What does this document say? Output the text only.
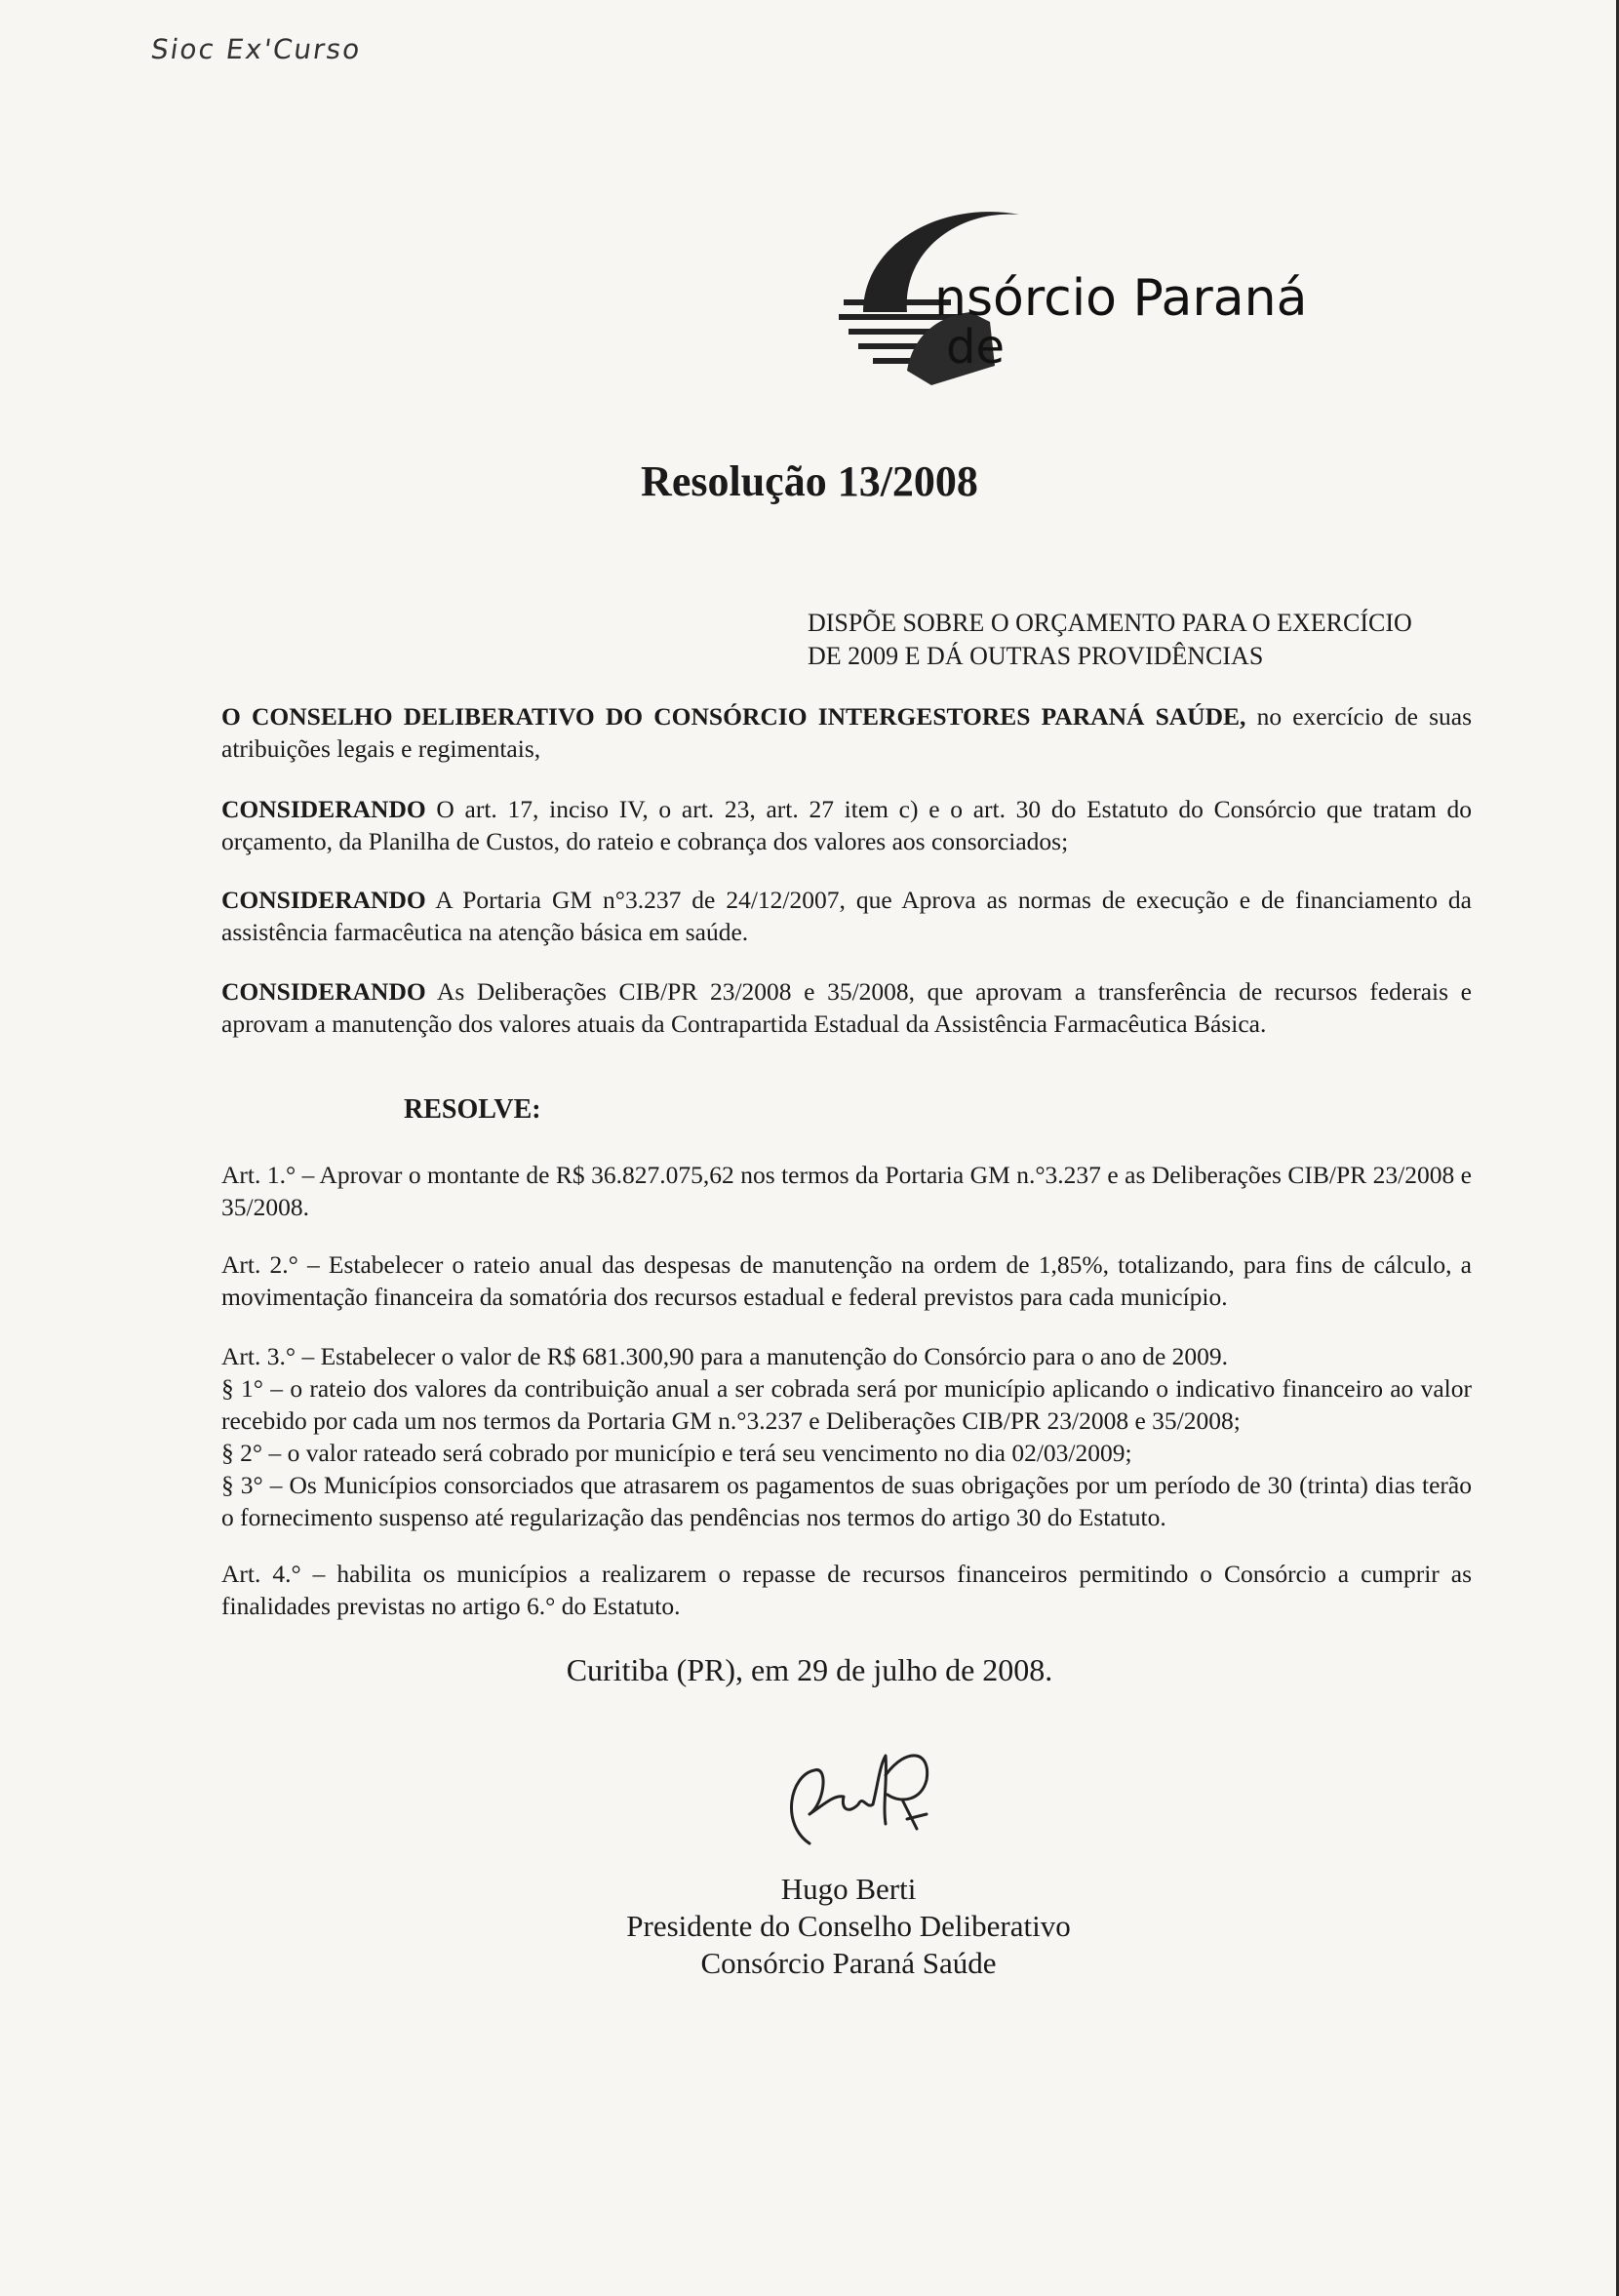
Sioc Ex'Curso
nsórcio Paraná
de
Resolução 13/2008
DISPÕE SOBRE O ORÇAMENTO PARA O EXERCÍCIO
DE 2009 E DÁ OUTRAS PROVIDÊNCIAS
O CONSELHO DELIBERATIVO DO CONSÓRCIO INTERGESTORES PARANÁ SAÚDE, no exercício de suas atribuições legais e regimentais,
CONSIDERANDO O art. 17, inciso IV, o art. 23, art. 27 item c) e o art. 30 do Estatuto do Consórcio que tratam do orçamento, da Planilha de Custos, do rateio e cobrança dos valores aos consorciados;
CONSIDERANDO A Portaria GM n°3.237 de 24/12/2007, que Aprova as normas de execução e de financiamento da assistência farmacêutica na atenção básica em saúde.
CONSIDERANDO As Deliberações CIB/PR 23/2008 e 35/2008, que aprovam a transferência de recursos federais e aprovam a manutenção dos valores atuais da Contrapartida Estadual da Assistência Farmacêutica Básica.
RESOLVE:
Art. 1.° – Aprovar o montante de R$ 36.827.075,62 nos termos da Portaria GM n.°3.237 e as Deliberações CIB/PR 23/2008 e 35/2008.
Art. 2.° – Estabelecer o rateio anual das despesas de manutenção na ordem de 1,85%, totalizando, para fins de cálculo, a movimentação financeira da somatória dos recursos estadual e federal previstos para cada município.
Art. 3.° – Estabelecer o valor de R$ 681.300,90 para a manutenção do Consórcio para o ano de 2009.
§ 1° – o rateio dos valores da contribuição anual a ser cobrada será por município aplicando o indicativo financeiro ao valor recebido por cada um nos termos da Portaria GM n.°3.237 e Deliberações CIB/PR 23/2008 e 35/2008;
§ 2° – o valor rateado será cobrado por município e terá seu vencimento no dia 02/03/2009;
§ 3° – Os Municípios consorciados que atrasarem os pagamentos de suas obrigações por um período de 30 (trinta) dias terão o fornecimento suspenso até regularização das pendências nos termos do artigo 30 do Estatuto.
Art. 4.° – habilita os municípios a realizarem o repasse de recursos financeiros permitindo o Consórcio a cumprir as finalidades previstas no artigo 6.° do Estatuto.
Curitiba (PR), em 29 de julho de 2008.
Hugo Berti
Presidente do Conselho Deliberativo
Consórcio Paraná Saúde
